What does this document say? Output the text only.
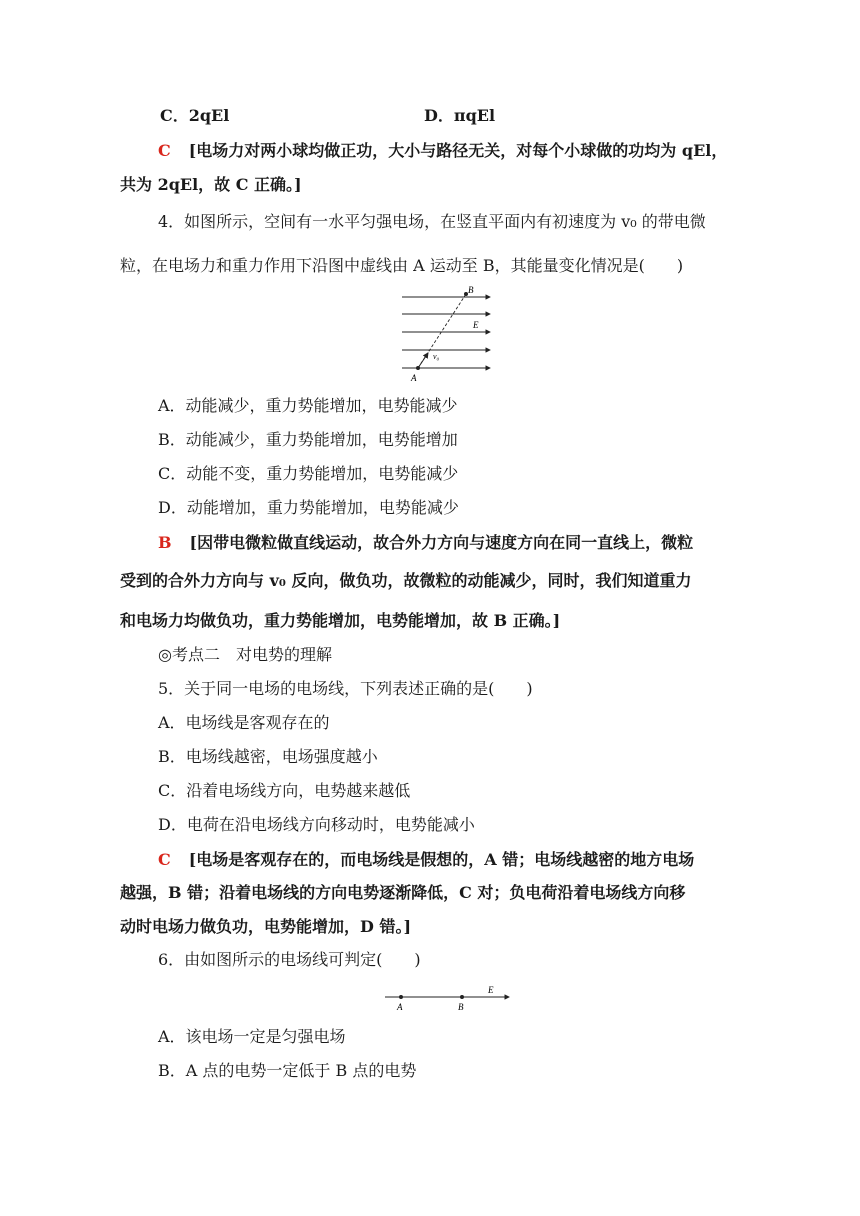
C．2qEl	D．πqEl
C [电场力对两小球均做正功，大小与路径无关，对每个小球做的功均为 qEl，
共为 2qEl，故 C 正确。]
4．如图所示，空间有一水平匀强电场，在竖直平面内有初速度为 v₀ 的带电微
粒，在电场力和重力作用下沿图中虚线由 A 运动至 B，其能量变化情况是(　　)
B
E
v₀
A
A．动能减少，重力势能增加，电势能减少
B．动能减少，重力势能增加，电势能增加
C．动能不变，重力势能增加，电势能减少
D．动能增加，重力势能增加，电势能减少
B [因带电微粒做直线运动，故合外力方向与速度方向在同一直线上，微粒
受到的合外力方向与 v₀ 反向，做负功，故微粒的动能减少，同时，我们知道重力
和电场力均做负功，重力势能增加，电势能增加，故 B 正确。]
◎考点二　对电势的理解
5．关于同一电场的电场线，下列表述正确的是(　　)
A．电场线是客观存在的
B．电场线越密，电场强度越小
C．沿着电场线方向，电势越来越低
D．电荷在沿电场线方向移动时，电势能减小
C [电场是客观存在的，而电场线是假想的，A 错；电场线越密的地方电场
越强，B 错；沿着电场线的方向电势逐渐降低，C 对；负电荷沿着电场线方向移
动时电场力做负功，电势能增加，D 错。]
6．由如图所示的电场线可判定(　　)
E
A	B
A．该电场一定是匀强电场
B．A 点的电势一定低于 B 点的电势
